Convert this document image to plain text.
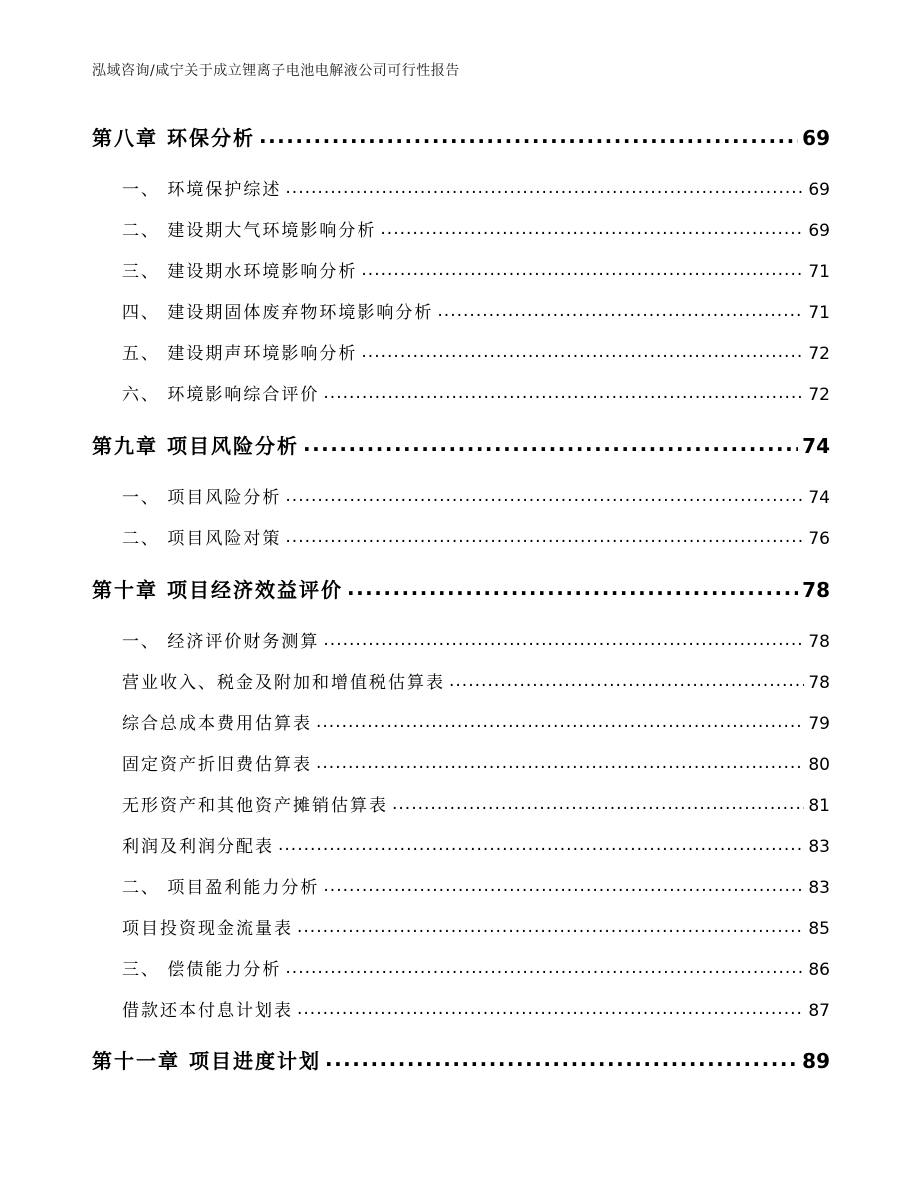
泓域咨询/咸宁关于成立锂离子电池电解液公司可行性报告
第八章 环保分析 .....	69
一、 环境保护综述 .....	69
二、 建设期大气环境影响分析 .....	69
三、 建设期水环境影响分析 .....	71
四、 建设期固体废弃物环境影响分析 .....	71
五、 建设期声环境影响分析 .....	72
六、 环境影响综合评价 .....	72
第九章 项目风险分析 .....	74
一、 项目风险分析 .....	74
二、 项目风险对策 .....	76
第十章 项目经济效益评价 .....	78
一、 经济评价财务测算 .....	78
营业收入、税金及附加和增值税估算表 .....	78
综合总成本费用估算表 .....	79
固定资产折旧费估算表 .....	80
无形资产和其他资产摊销估算表 .....	81
利润及利润分配表 .....	83
二、 项目盈利能力分析 .....	83
项目投资现金流量表 .....	85
三、 偿债能力分析 .....	86
借款还本付息计划表 .....	87
第十一章 项目进度计划 .....	89
